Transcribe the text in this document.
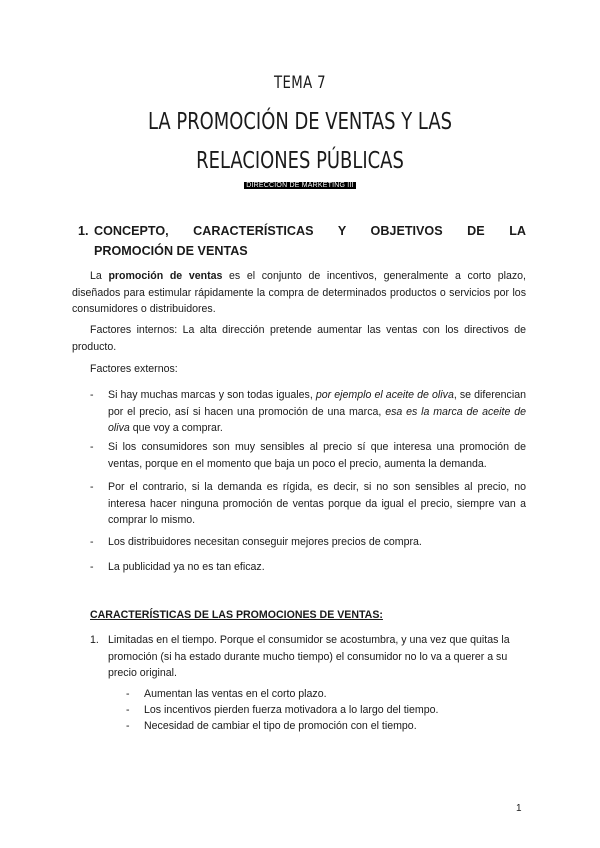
TEMA 7
LA PROMOCIÓN DE VENTAS Y LAS RELACIONES PÚBLICAS
DIRECCIÓN DE MARKETING III
1. CONCEPTO, CARACTERÍSTICAS Y OBJETIVOS DE LA
PROMOCIÓN DE VENTAS
La promoción de ventas es el conjunto de incentivos, generalmente a corto plazo, diseñados para estimular rápidamente la compra de determinados productos o servicios por los consumidores o distribuidores.
Factores internos: La alta dirección pretende aumentar las ventas con los directivos de producto.
Factores externos:
- Si hay muchas marcas y son todas iguales, por ejemplo el aceite de oliva, se diferencian por el precio, así si hacen una promoción de una marca, esa es la marca de aceite de oliva que voy a comprar.
- Si los consumidores son muy sensibles al precio sí que interesa una promoción de ventas, porque en el momento que baja un poco el precio, aumenta la demanda.
- Por el contrario, si la demanda es rígida, es decir, si no son sensibles al precio, no interesa hacer ninguna promoción de ventas porque da igual el precio, siempre van a comprar lo mismo.
- Los distribuidores necesitan conseguir mejores precios de compra.
- La publicidad ya no es tan eficaz.
CARACTERÍSTICAS DE LAS PROMOCIONES DE VENTAS:
1. Limitadas en el tiempo. Porque el consumidor se acostumbra, y una vez que quitas la promoción (si ha estado durante mucho tiempo) el consumidor no lo va a querer a su precio original.
- Aumentan las ventas en el corto plazo.
- Los incentivos pierden fuerza motivadora a lo largo del tiempo.
- Necesidad de cambiar el tipo de promoción con el tiempo.
1
